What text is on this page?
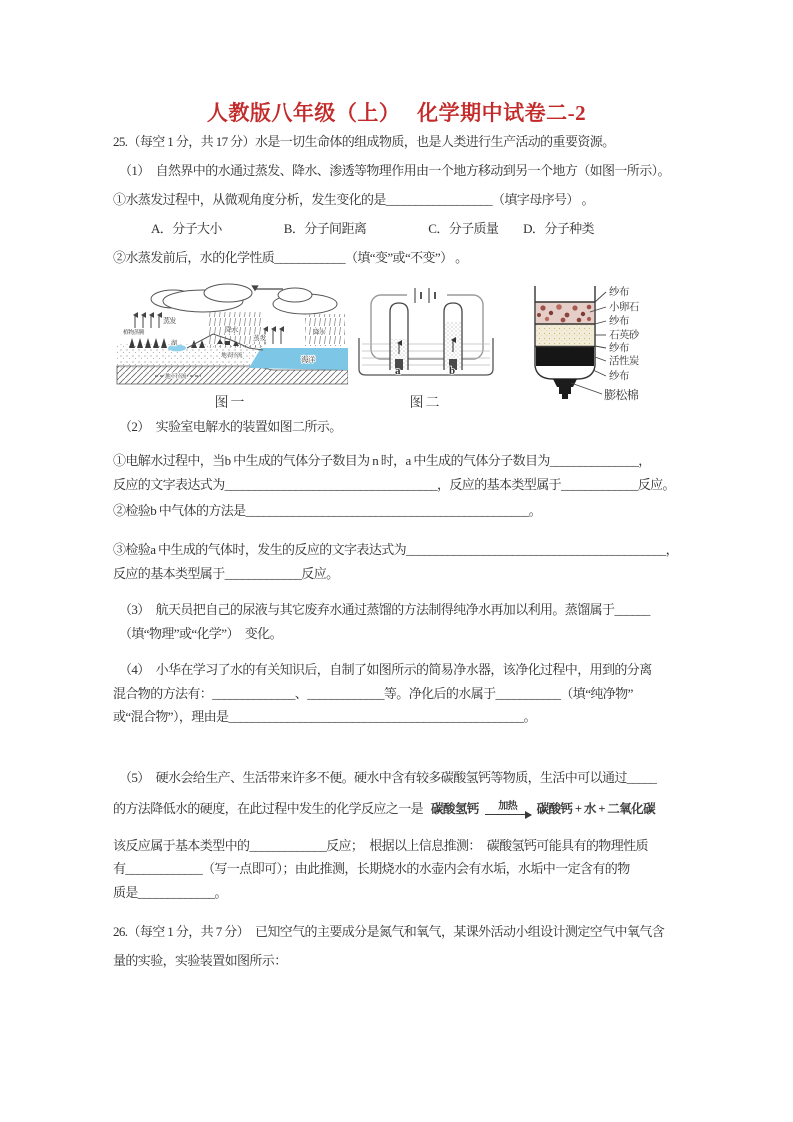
人教版八年级（上）　 化学期中试卷二-2

25.（每空 1 分，共 17 分）水是一切生命体的组成物质，也是人类进行生产活动的重要资源。

（1）　自然界中的水通过蒸发、降水、渗透等物理作用由一个地方移动到另一个地方（如图一所示）。

①水蒸发过程中，从微观角度分析，发生变化的是__________________（填字母序号） 。

A．分子大小　　　　　B．分子间距离　　　　　C．分子质量　　D．分子种类

②水蒸发前后，水的化学性质____________（填“变”或“不变”） 。

蒸发
植物蒸腾
湖
降水
地表径流
地下径流
蒸 发
降水
海洋
图一
a	b
图二
纱布
小卵石
纱布
石英砂
纱布
活性炭
纱布
膨松棉

（2）　实验室电解水的装置如图二所示。

①电解水过程中，当b 中生成的气体分子数目为 n 时，a 中生成的气体分子数目为_______________，

反应的文字表达式为____________________________________，反应的基本类型属于_____________反应。

②检验b 中气体的方法是________________________________________________。

③检验a 中生成的气体时，发生的反应的文字表达式为____________________________________________，

反应的基本类型属于_____________反应。

（3）　航天员把自己的尿液与其它废弃水通过蒸馏的方法制得纯净水再加以利用。蒸馏属于______

（填“物理”或“化学”）　变化。

（4）　小华在学习了水的有关知识后，自制了如图所示的简易净水器，该净化过程中，用到的分离

混合物的方法有：______________、_____________等。净化后的水属于___________（填“纯净物”

或“混合物”），理由是__________________________________________________。

（5）　硬水会给生产、生活带来许多不便。硬水中含有较多碳酸氢钙等物质，生活中可以通过_____

的方法降低水的硬度，在此过程中发生的化学反应之一是 碳酸氢钙 加热 碳酸钙 + 水 + 二氧化碳

该反应属于基本类型中的_____________反应；　根据以上信息推测：　碳酸氢钙可能具有的物理性质

有_____________（写一点即可）；由此推测，长期烧水的水壶内会有水垢，水垢中一定含有的物

质是_____________。

26.（每空 1 分，共 7 分）　已知空气的主要成分是氮气和氧气，某课外活动小组设计测定空气中氧气含

量的实验，实验装置如图所示：
